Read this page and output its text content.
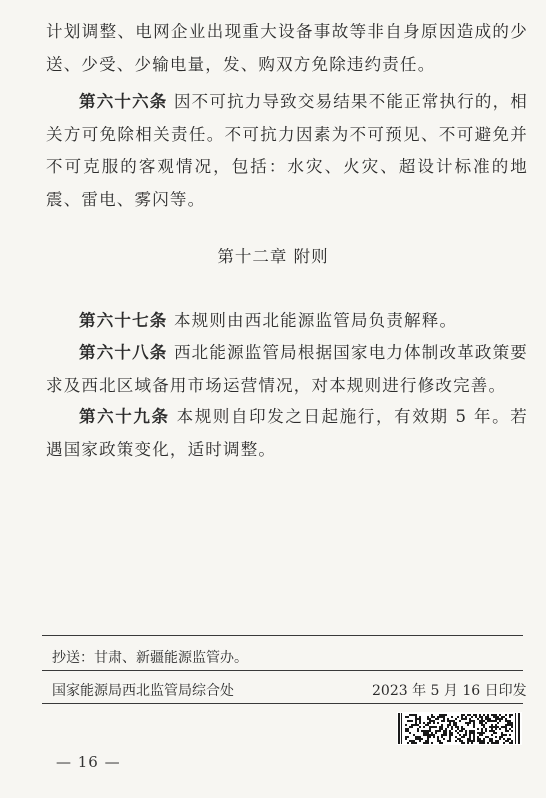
计划调整、电网企业出现重大设备事故等非自身原因造成的少送、少受、少输电量，发、购双方免除违约责任。
第六十六条 因不可抗力导致交易结果不能正常执行的，相关方可免除相关责任。不可抗力因素为不可预见、不可避免并不可克服的客观情况，包括：水灾、火灾、超设计标准的地震、雷电、雾闪等。
第十二章 附则
第六十七条 本规则由西北能源监管局负责解释。
第六十八条 西北能源监管局根据国家电力体制改革政策要求及西北区域备用市场运营情况，对本规则进行修改完善。
第六十九条 本规则自印发之日起施行，有效期 5 年。若遇国家政策变化，适时调整。
抄送：甘肃、新疆能源监管办。
国家能源局西北监管局综合处	2023 年 5 月 16 日印发
— 16 —
